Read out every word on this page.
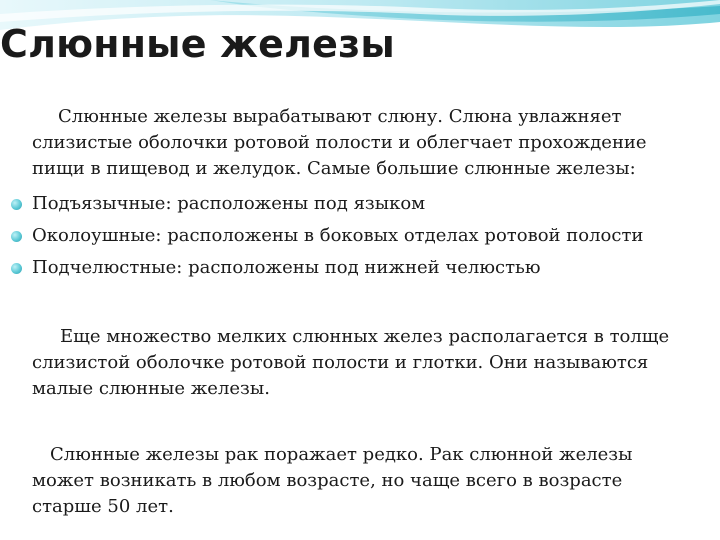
Слюнные железы

Слюнные железы вырабатывают слюну. Слюна увлажняет слизистые оболочки ротовой полости и облегчает прохождение пищи в пищевод и желудок. Самые большие слюнные железы:

Подъязычные: расположены под языком
Околоушные: расположены в боковых отделах ротовой полости
Подчелюстные: расположены под нижней челюстью

Еще множество мелких слюнных желез располагается в толще слизистой оболочке ротовой полости и глотки. Они называются малые слюнные железы.

Слюнные железы рак поражает редко. Рак слюнной железы может возникать в любом возрасте, но чаще всего в возрасте старше 50 лет.
